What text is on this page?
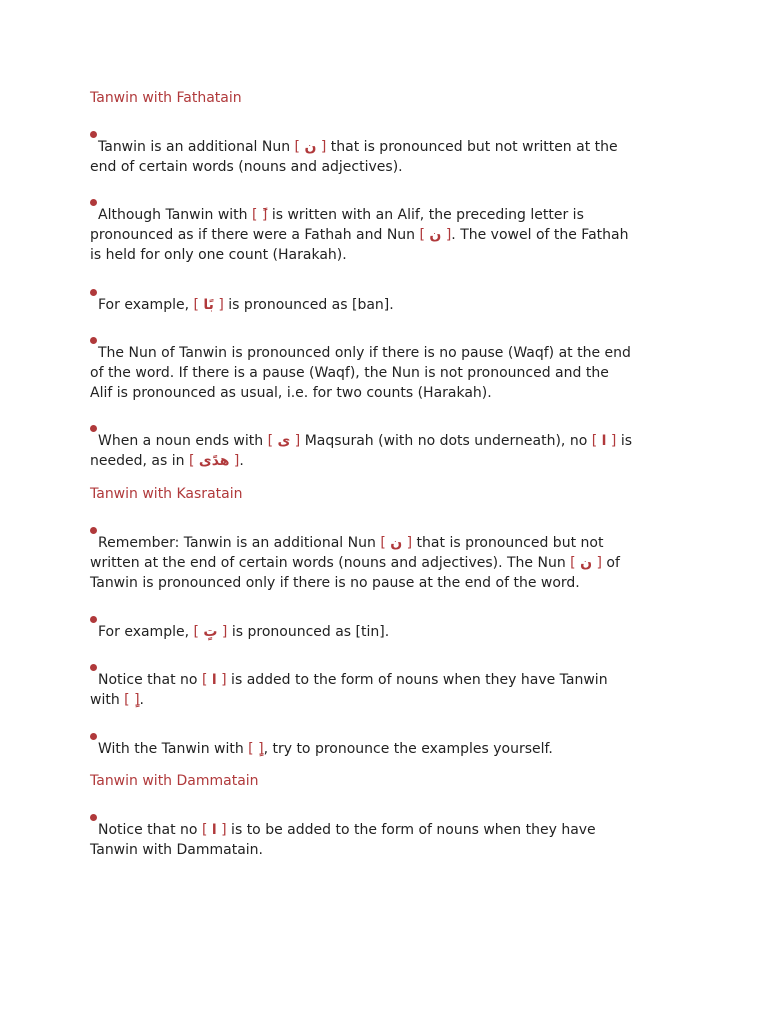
Tanwin with Fathatain
Tanwin is an additional Nun [ ن ] that is pronounced but not written at the
end of certain words (nouns and adjectives).
Although Tanwin with [ ] is written with an Alif, the preceding letter is
pronounced as if there were a Fathah and Nun [ ن ]. The vowel of the Fathah
is held for only one count (Harakah).
For example, [ بًا ] is pronounced as [ban].
The Nun of Tanwin is pronounced only if there is no pause (Waqf) at the end
of the word. If there is a pause (Waqf), the Nun is not pronounced and the
Alif is pronounced as usual, i.e. for two counts (Harakah).
When a noun ends with [ ى ] Maqsurah (with no dots underneath), no [ ا ] is
needed, as in [ هدًى ].
Tanwin with Kasratain
Remember: Tanwin is an additional Nun [ ن ] that is pronounced but not
written at the end of certain words (nouns and adjectives). The Nun [ ن ] of
Tanwin is pronounced only if there is no pause at the end of the word.
For example, [ تٍ ] is pronounced as [tin].
Notice that no [ ا ] is added to the form of nouns when they have Tanwin
with [ ].
With the Tanwin with [ ], try to pronounce the examples yourself.
Tanwin with Dammatain
Notice that no [ ا ] is to be added to the form of nouns when they have
Tanwin with Dammatain.
